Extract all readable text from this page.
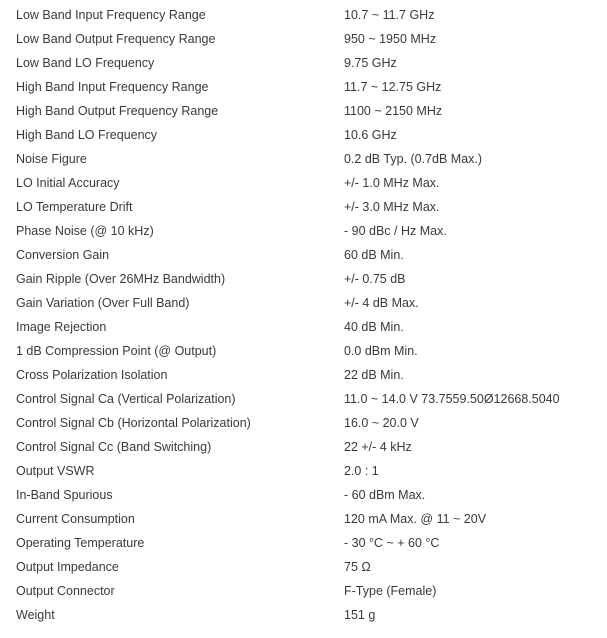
Low Band Input Frequency Range	10.7 ~ 11.7 GHz
Low Band Output Frequency Range	950 ~ 1950 MHz
Low Band LO Frequency	9.75 GHz
High Band Input Frequency Range	11.7 ~ 12.75 GHz
High Band Output Frequency Range	1100 ~ 2150 MHz
High Band LO Frequency	10.6 GHz
Noise Figure	0.2 dB Typ. (0.7dB Max.)
LO Initial Accuracy	+/- 1.0 MHz Max.
LO Temperature Drift	+/- 3.0 MHz Max.
Phase Noise (@ 10 kHz)	- 90 dBc / Hz Max.
Conversion Gain	60 dB Min.
Gain Ripple (Over 26MHz Bandwidth)	+/- 0.75 dB
Gain Variation (Over Full Band)	+/- 4 dB Max.
Image Rejection	40 dB Min.
1 dB Compression Point (@ Output)	0.0 dBm Min.
Cross Polarization Isolation	22 dB Min.
Control Signal Ca (Vertical Polarization)	11.0 ~ 14.0 V 73.7559.50Ø12668.5040
Control Signal Cb (Horizontal Polarization)	16.0 ~ 20.0 V
Control Signal Cc (Band Switching)	22 +/- 4 kHz
Output VSWR	2.0 : 1
In-Band Spurious	- 60 dBm Max.
Current Consumption	120 mA Max. @ 11 ~ 20V
Operating Temperature	- 30 °C ~ + 60 °C
Output Impedance	75 Ω
Output Connector	F-Type (Female)
Weight	151 g
